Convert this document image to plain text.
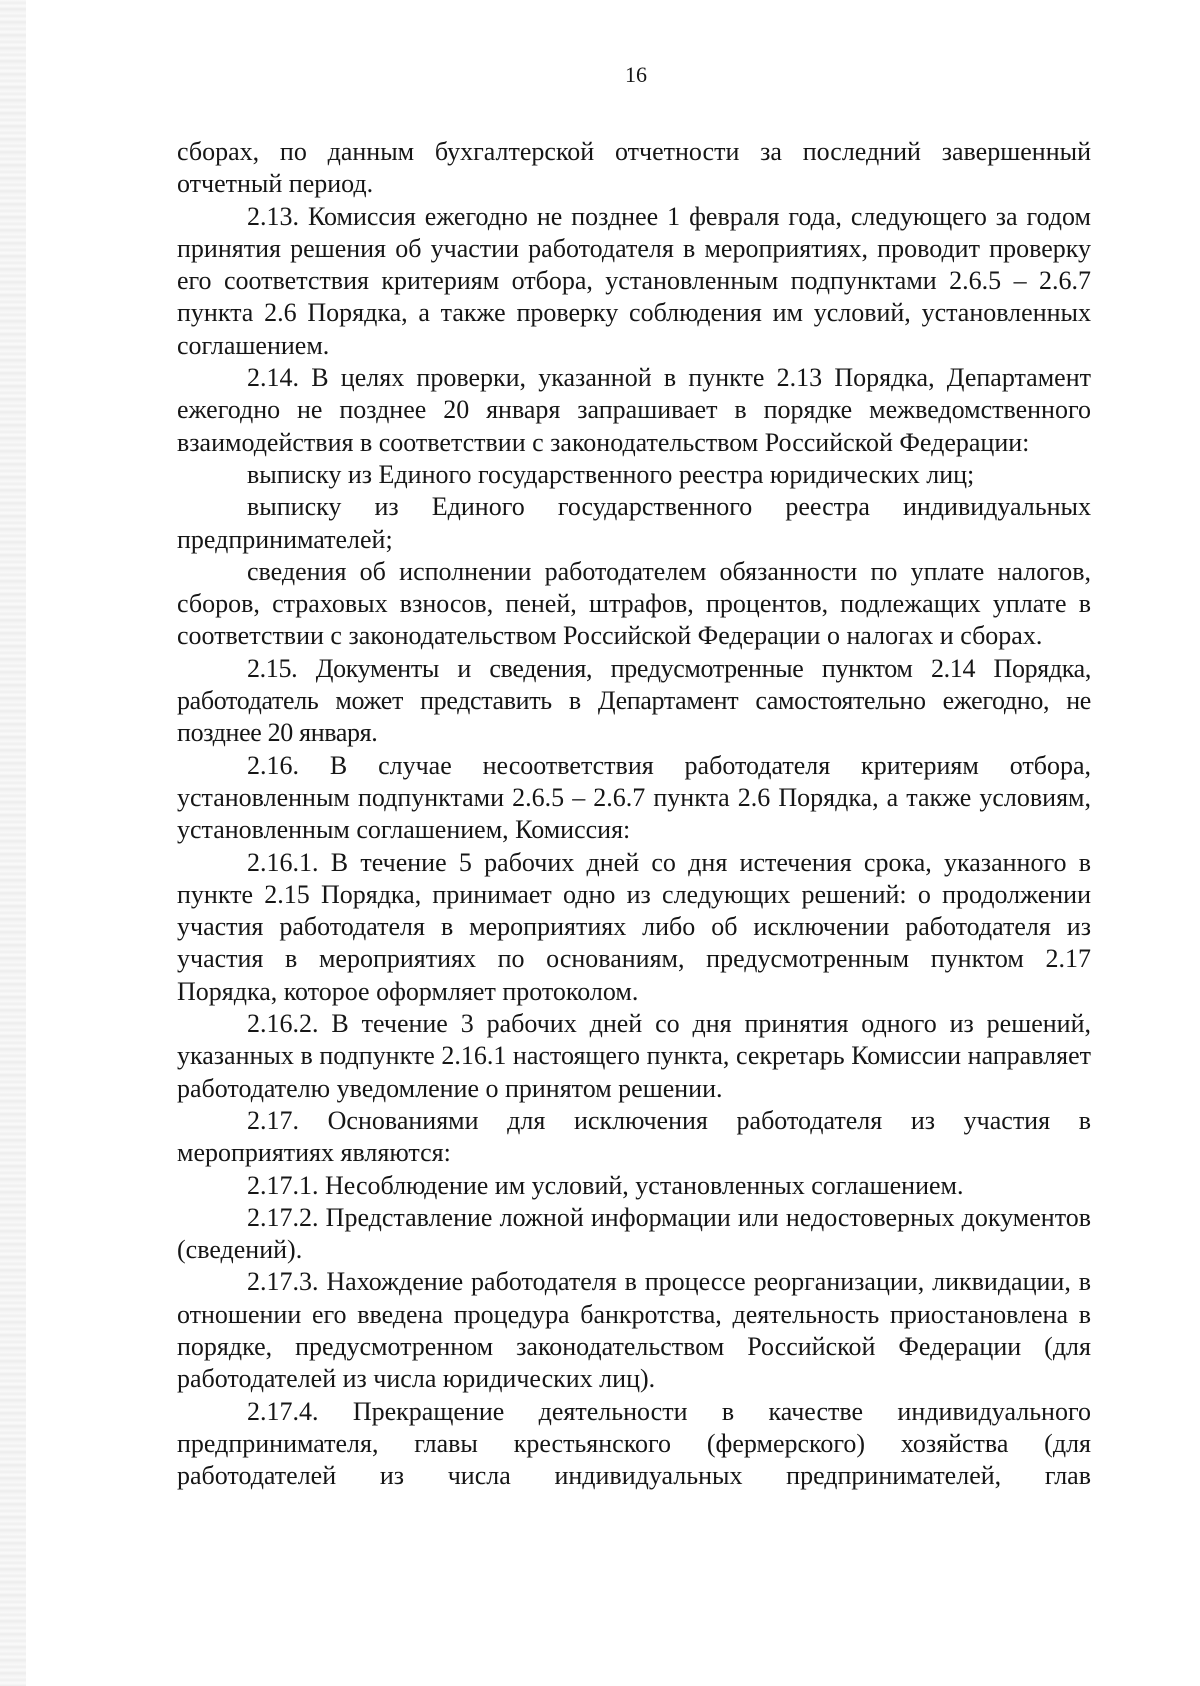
16

сборах, по данным бухгалтерской отчетности за последний завершенный отчетный период.

2.13. Комиссия ежегодно не позднее 1 февраля года, следующего за годом принятия решения об участии работодателя в мероприятиях, проводит проверку его соответствия критериям отбора, установленным подпунктами 2.6.5 – 2.6.7 пункта 2.6 Порядка, а также проверку соблюдения им условий, установленных соглашением.

2.14. В целях проверки, указанной в пункте 2.13 Порядка, Департамент ежегодно не позднее 20 января запрашивает в порядке межведомственного взаимодействия в соответствии с законодательством Российской Федерации:

выписку из Единого государственного реестра юридических лиц;

выписку из Единого государственного реестра индивидуальных предпринимателей;

сведения об исполнении работодателем обязанности по уплате налогов, сборов, страховых взносов, пеней, штрафов, процентов, подлежащих уплате в соответствии с законодательством Российской Федерации о налогах и сборах.

2.15. Документы и сведения, предусмотренные пунктом 2.14 Порядка, работодатель может представить в Департамент самостоятельно ежегодно, не позднее 20 января.

2.16. В случае несоответствия работодателя критериям отбора, установленным подпунктами 2.6.5 – 2.6.7 пункта 2.6 Порядка, а также условиям, установленным соглашением, Комиссия:

2.16.1. В течение 5 рабочих дней со дня истечения срока, указанного в пункте 2.15 Порядка, принимает одно из следующих решений: о продолжении участия работодателя в мероприятиях либо об исключении работодателя из участия в мероприятиях по основаниям, предусмотренным пунктом 2.17 Порядка, которое оформляет протоколом.

2.16.2. В течение 3 рабочих дней со дня принятия одного из решений, указанных в подпункте 2.16.1 настоящего пункта, секретарь Комиссии направляет работодателю уведомление о принятом решении.

2.17. Основаниями для исключения работодателя из участия в мероприятиях являются:

2.17.1. Несоблюдение им условий, установленных соглашением.

2.17.2. Представление ложной информации или недостоверных документов (сведений).

2.17.3. Нахождение работодателя в процессе реорганизации, ликвидации, в отношении его введена процедура банкротства, деятельность приостановлена в порядке, предусмотренном законодательством Российской Федерации (для работодателей из числа юридических лиц).

2.17.4. Прекращение деятельности в качестве индивидуального предпринимателя, главы крестьянского (фермерского) хозяйства (для работодателей из числа индивидуальных предпринимателей, глав
